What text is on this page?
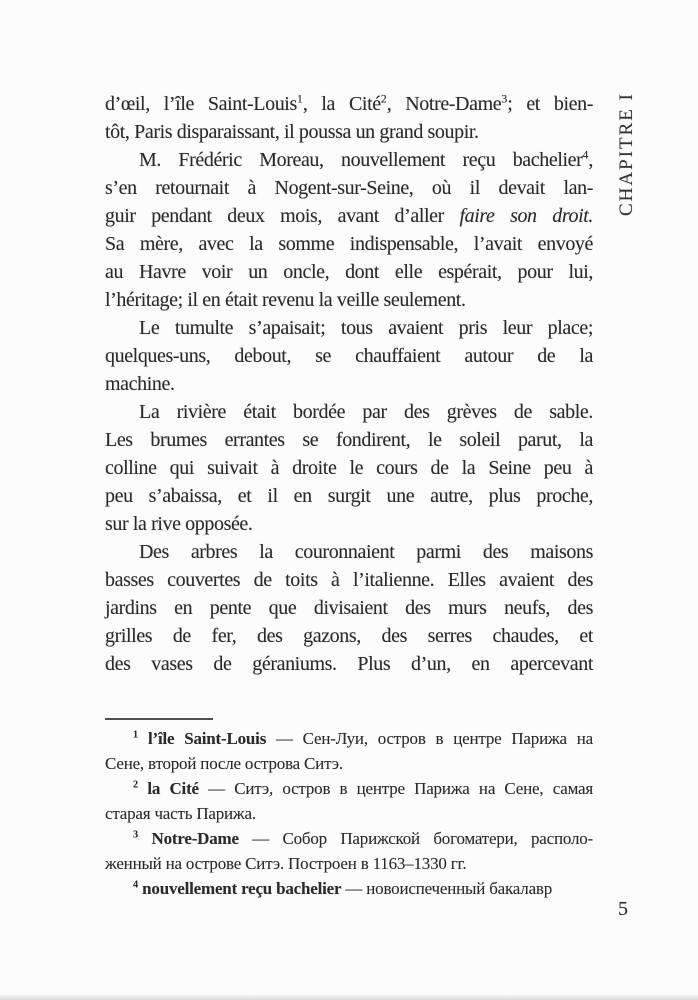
CHAPITRE I
d’œil, l’île Saint-Louis$^1$, la Cité$^2$, Notre-Dame$^3$; et bien-
tôt, Paris disparaissant, il poussa un grand soupir.
M. Frédéric Moreau, nouvellement reçu bachelier$^4$,
s’en retournait à Nogent-sur-Seine, où il devait lan-
guir pendant deux mois, avant d’aller faire son droit.
Sa mère, avec la somme indispensable, l’avait envoyé
au Havre voir un oncle, dont elle espérait, pour lui,
l’héritage; il en était revenu la veille seulement.
Le tumulte s’apaisait; tous avaient pris leur place;
quelques-uns, debout, se chauffaient autour de la
machine.
La rivière était bordée par des grèves de sable.
Les brumes errantes se fondirent, le soleil parut, la
colline qui suivait à droite le cours de la Seine peu à
peu s’abaissa, et il en surgit une autre, plus proche,
sur la rive opposée.
Des arbres la couronnaient parmi des maisons
basses couvertes de toits à l’italienne. Elles avaient des
jardins en pente que divisaient des murs neufs, des
grilles de fer, des gazons, des serres chaudes, et
des vases de géraniums. Plus d’un, en apercevant
$^1$ l’île Saint-Louis — Сен-Луи, остров в центре Парижа на
Сене, второй после острова Ситэ.
$^2$ la Cité — Ситэ, остров в центре Парижа на Сене, самая
старая часть Парижа.
$^3$ Notre-Dame — Собор Парижской богоматери, располо-
женный на острове Ситэ. Построен в 1163–1330 гг.
$^4$ nouvellement reçu bachelier — новоиспеченный бакалавр
5
